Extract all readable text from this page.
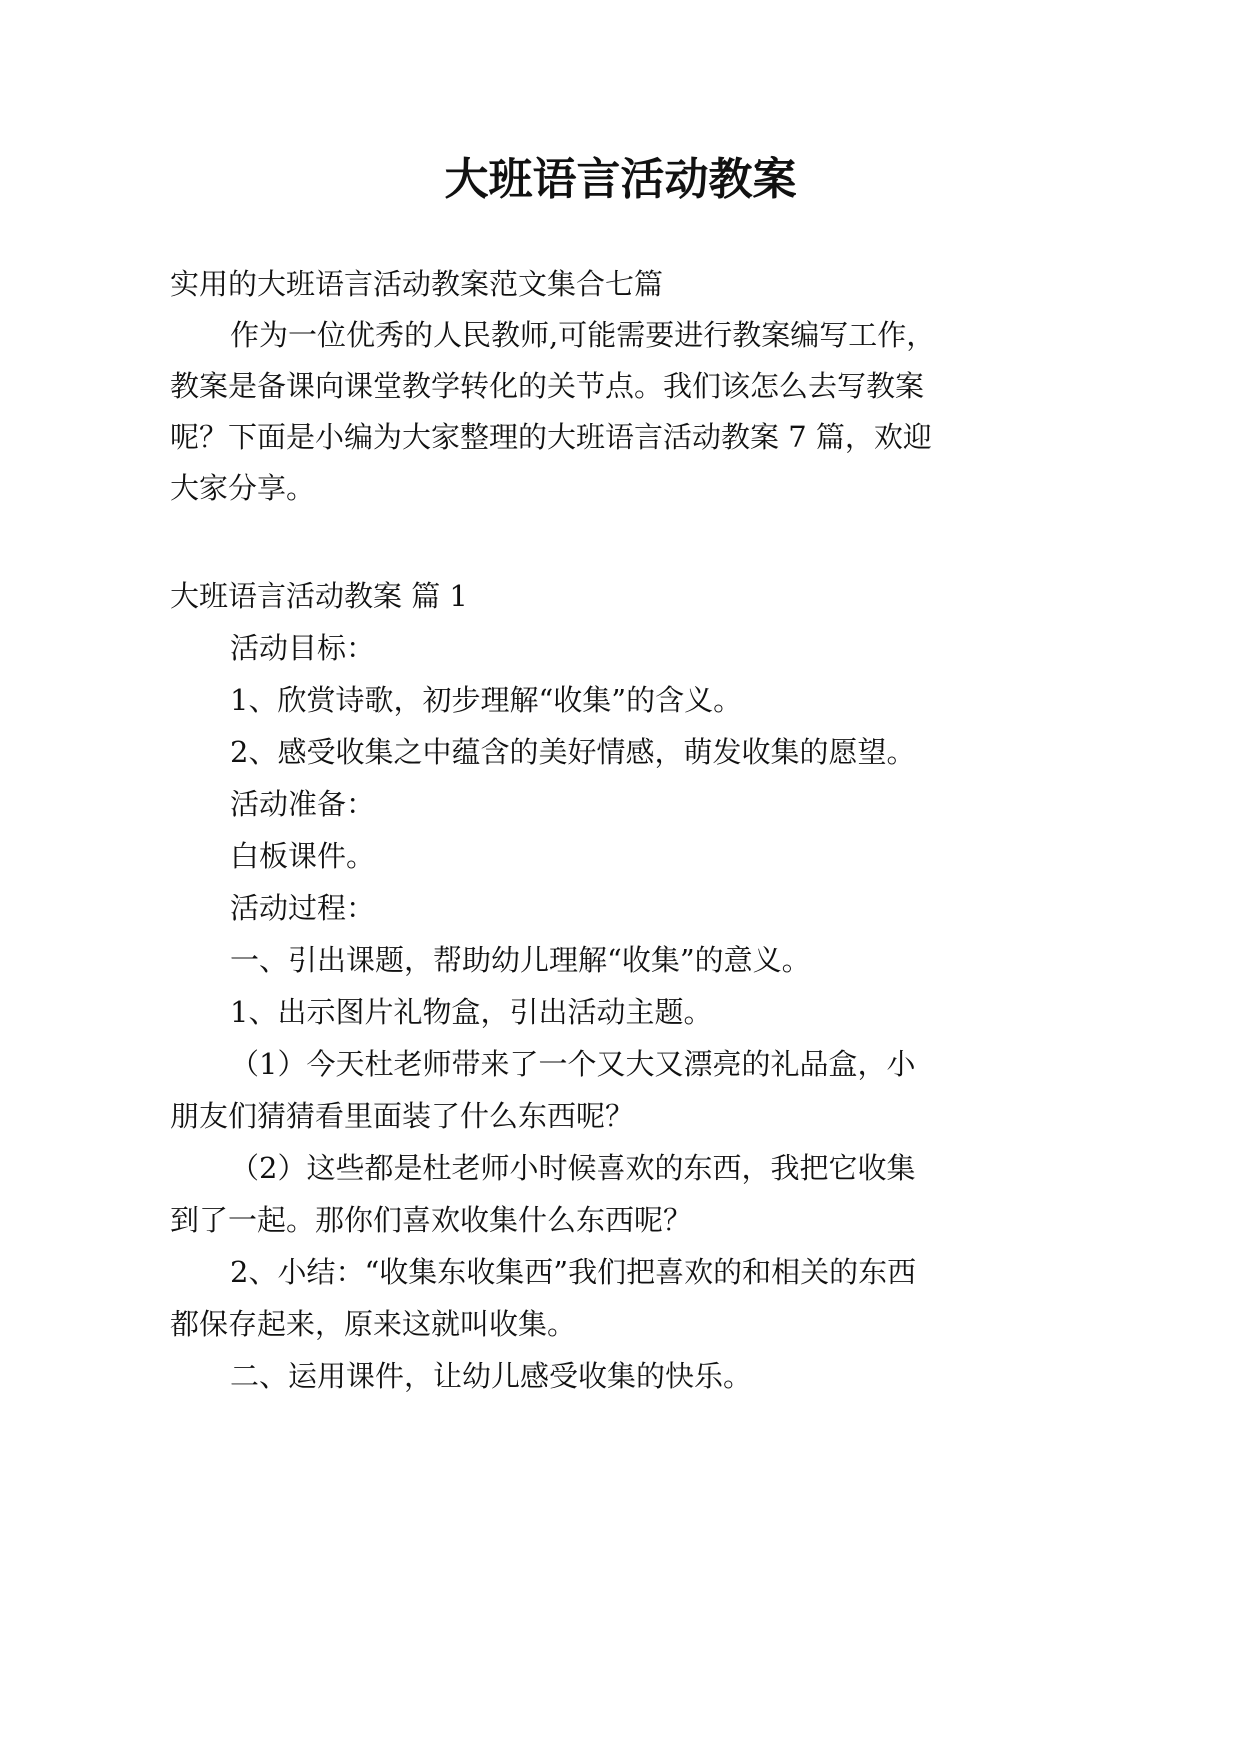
大班语言活动教案
实用的大班语言活动教案范文集合七篇
作为一位优秀的人民教师,可能需要进行教案编写工作，
教案是备课向课堂教学转化的关节点。我们该怎么去写教案
呢？下面是小编为大家整理的大班语言活动教案 7 篇，欢迎
大家分享。
大班语言活动教案 篇 1
活动目标：
1、欣赏诗歌，初步理解“收集”的含义。
2、感受收集之中蕴含的美好情感，萌发收集的愿望。
活动准备：
白板课件。
活动过程：
一、引出课题，帮助幼儿理解“收集”的意义。
1、出示图片礼物盒，引出活动主题。
（1）今天杜老师带来了一个又大又漂亮的礼品盒，小
朋友们猜猜看里面装了什么东西呢？
（2）这些都是杜老师小时候喜欢的东西，我把它收集
到了一起。那你们喜欢收集什么东西呢？
2、小结：“收集东收集西”我们把喜欢的和相关的东西
都保存起来，原来这就叫收集。
二、运用课件，让幼儿感受收集的快乐。
